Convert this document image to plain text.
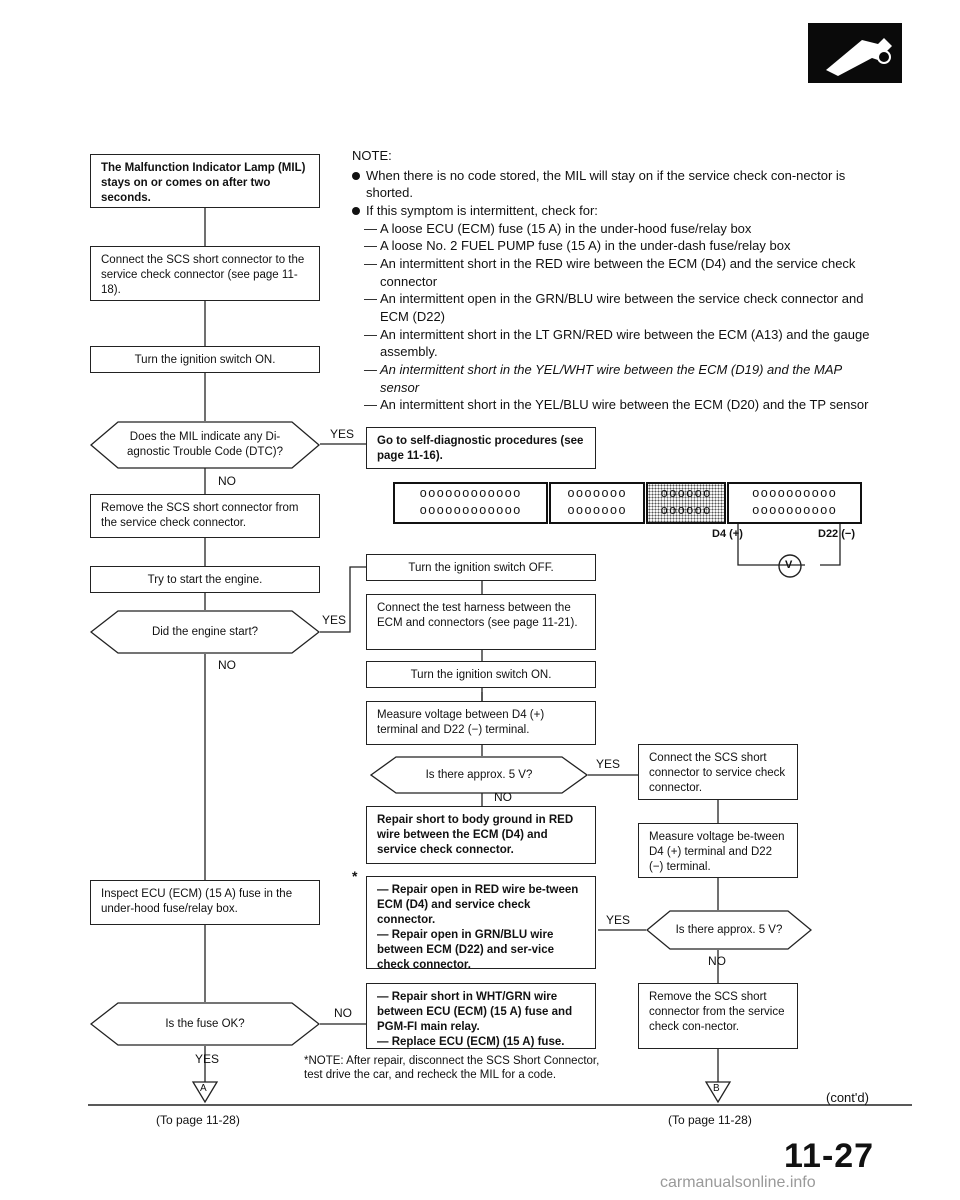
The Malfunction Indicator Lamp (MIL) stays on or comes on after two seconds.
Connect the SCS short connector to the service check connector (see page 11-18).
Turn the ignition switch ON.
Does the MIL indicate any Di-agnostic Trouble Code (DTC)?
YES
NO
Go to self-diagnostic procedures (see page 11-16).
Remove the SCS short connector from the service check connector.
Try to start the engine.
Did the engine start?
YES
NO
Inspect ECU (ECM) (15 A) fuse in the under-hood fuse/relay box.
Is the fuse OK?
NO
YES
A
(To page 11-28)
NOTE:
When there is no code stored, the MIL will stay on if the service check con-nector is shorted.
If this symptom is intermittent, check for:
— A loose ECU (ECM) fuse (15 A) in the under-hood fuse/relay box
— A loose No. 2 FUEL PUMP fuse (15 A) in the under-dash fuse/relay box
— An intermittent short in the RED wire between the ECM (D4) and the service check connector
— An intermittent open in the GRN/BLU wire between the service check connector and ECM (D22)
— An intermittent short in the LT GRN/RED wire between the ECM (A13) and the gauge assembly.
— An intermittent short in the YEL/WHT wire between the ECM (D19) and the MAP sensor
— An intermittent short in the YEL/BLU wire between the ECM (D20) and the TP sensor
oooooooooooo
oooooooooooo
ooooooo
ooooooo
oooooo
oooooo
oooooooooo
oooooooooo
D4 (+)	D22 (−)
V
Turn the ignition switch OFF.
Connect the test harness between the ECM and connectors (see page 11-21).
Turn the ignition switch ON.
Measure voltage between D4 (+) terminal and D22 (−) terminal.
Is there approx. 5 V?
YES
NO
Repair short to body ground in RED wire between the ECM (D4) and service check connector.
*
— Repair open in RED wire be-tween ECM (D4) and service check connector.
— Repair open in GRN/BLU wire between ECM (D22) and ser-vice check connector.
YES
— Repair short in WHT/GRN wire between ECU (ECM) (15 A) fuse and PGM-FI main relay.
— Replace ECU (ECM) (15 A) fuse.
*NOTE: After repair, disconnect the SCS Short Connector, test drive the car, and recheck the MIL for a code.
Connect the SCS short connector to service check connector.
Measure voltage be-tween D4 (+) terminal and D22 (−) terminal.
Is there approx. 5 V?
NO
Remove the SCS short connector from the service check con-nector.
B
(To page 11-28)
(cont'd)
11-27
carmanualsonline.info
